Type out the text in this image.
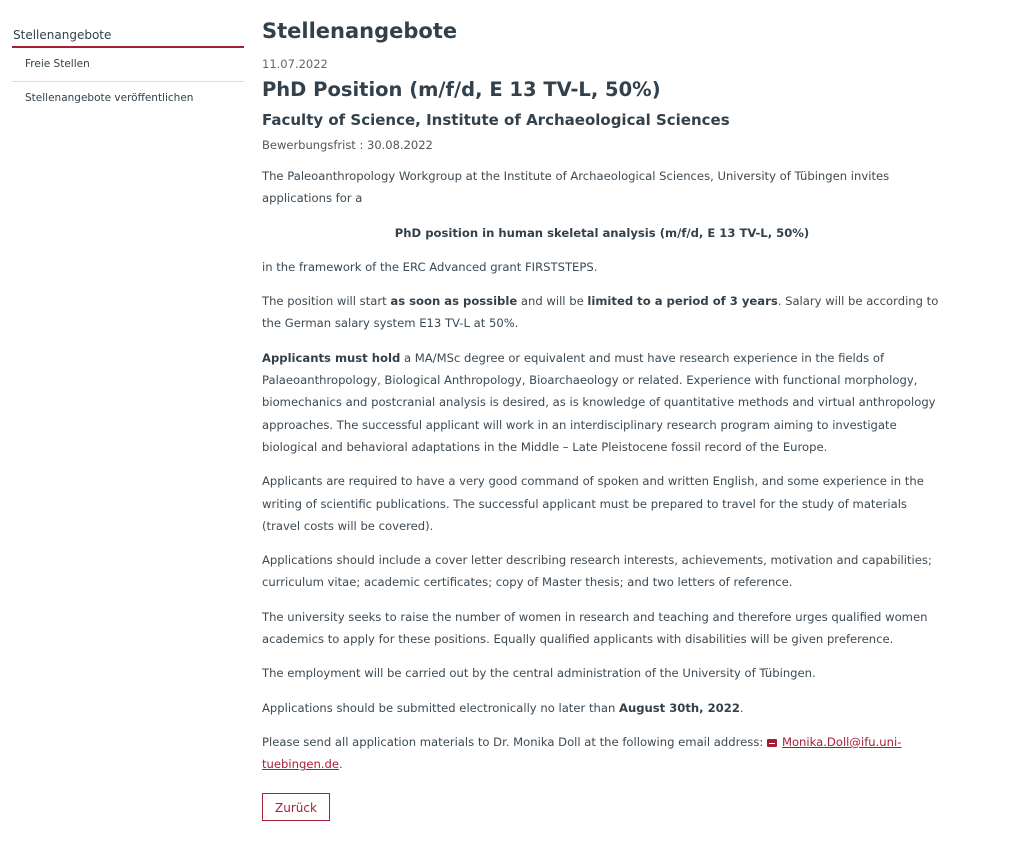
Stellenangebote
Freie Stellen
Stellenangebote veröffentlichen
Stellenangebote
11.07.2022
PhD Position (m/f/d, E 13 TV-L, 50%)
Faculty of Science, Institute of Archaeological Sciences
Bewerbungsfrist : 30.08.2022

The Paleoanthropology Workgroup at the Institute of Archaeological Sciences, University of Tübingen invites applications for a

PhD position in human skeletal analysis (m/f/d, E 13 TV-L, 50%)

in the framework of the ERC Advanced grant FIRSTSTEPS.

The position will start as soon as possible and will be limited to a period of 3 years. Salary will be according to the German salary system E13 TV-L at 50%.

Applicants must hold a MA/MSc degree or equivalent and must have research experience in the fields of Palaeoanthropology, Biological Anthropology, Bioarchaeology or related. Experience with functional morphology, biomechanics and postcranial analysis is desired, as is knowledge of quantitative methods and virtual anthropology approaches. The successful applicant will work in an interdisciplinary research program aiming to investigate biological and behavioral adaptations in the Middle – Late Pleistocene fossil record of the Europe.

Applicants are required to have a very good command of spoken and written English, and some experience in the writing of scientific publications. The successful applicant must be prepared to travel for the study of materials (travel costs will be covered).

Applications should include a cover letter describing research interests, achievements, motivation and capabilities; curriculum vitae; academic certificates; copy of Master thesis; and two letters of reference.

The university seeks to raise the number of women in research and teaching and therefore urges qualified women academics to apply for these positions. Equally qualified applicants with disabilities will be given preference.

The employment will be carried out by the central administration of the University of Tübingen.

Applications should be submitted electronically no later than August 30th, 2022.

Please send all application materials to Dr. Monika Doll at the following email address: Monika.Doll@ifu.uni-tuebingen.de.

Zurück
